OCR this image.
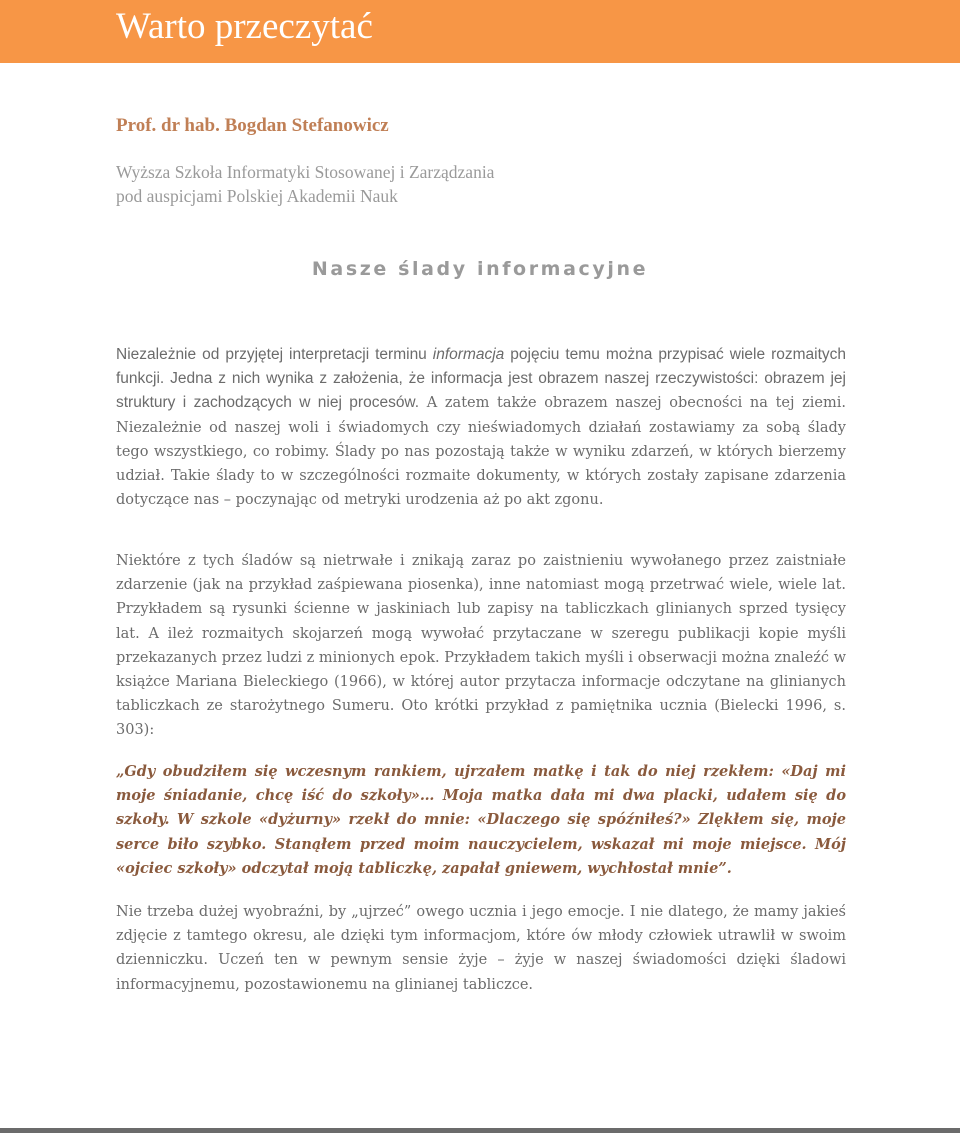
Warto przeczytać
Prof. dr hab. Bogdan Stefanowicz
Wyższa Szkoła Informatyki Stosowanej i Zarządzania
pod auspicjami Polskiej Akademii Nauk
Nasze ślady informacyjne

Niezależnie od przyjętej interpretacji terminu informacja pojęciu temu można przypisać wiele rozmaitych funkcji. Jedna z nich wynika z założenia, że informacja jest obrazem naszej rzeczywistości: obrazem jej struktury i zachodzących w niej procesów. A zatem także obrazem naszej obecności na tej ziemi. Niezależnie od naszej woli i świadomych czy nieświadomych działań zostawiamy za sobą ślady tego wszystkiego, co robimy. Ślady po nas pozostają także w wyniku zdarzeń, w których bierzemy udział. Takie ślady to w szczególności rozmaite dokumenty, w których zostały zapisane zdarzenia dotyczące nas – poczynając od metryki urodzenia aż po akt zgonu.

Niektóre z tych śladów są nietrwałe i znikają zaraz po zaistnieniu wywołanego przez zaistniałe zdarzenie (jak na przykład zaśpiewana piosenka), inne natomiast mogą przetrwać wiele, wiele lat. Przykładem są rysunki ścienne w jaskiniach lub zapisy na tabliczkach glinianych sprzed tysięcy lat. A ileż rozmaitych skojarzeń mogą wywołać przytaczane w szeregu publikacji kopie myśli przekazanych przez ludzi z minionych epok. Przykładem takich myśli i obserwacji można znaleźć w książce Mariana Bieleckiego (1966), w której autor przytacza informacje odczytane na glinianych tabliczkach ze starożytnego Sumeru. Oto krótki przykład z pamiętnika ucznia (Bielecki 1996, s. 303):

„Gdy obudziłem się wczesnym rankiem, ujrzałem matkę i tak do niej rzekłem: «Daj mi moje śniadanie, chcę iść do szkoły»… Moja matka dała mi dwa placki, udałem się do szkoły. W szkole «dyżurny» rzekł do mnie: «Dlaczego się spóźniłeś?» Zlękłem się, moje serce biło szybko. Stanąłem przed moim nauczycielem, wskazał mi moje miejsce. Mój «ojciec szkoły» odczytał moją tabliczkę, zapałał gniewem, wychłostał mnie”.

Nie trzeba dużej wyobraźni, by „ujrzeć” owego ucznia i jego emocje. I nie dlatego, że mamy jakieś zdjęcie z tamtego okresu, ale dzięki tym informacjom, które ów młody człowiek utrawlił w swoim dzienniczku. Uczeń ten w pewnym sensie żyje – żyje w naszej świadomości dzięki śladowi informacyjnemu, pozostawionemu na glinianej tabliczce.
